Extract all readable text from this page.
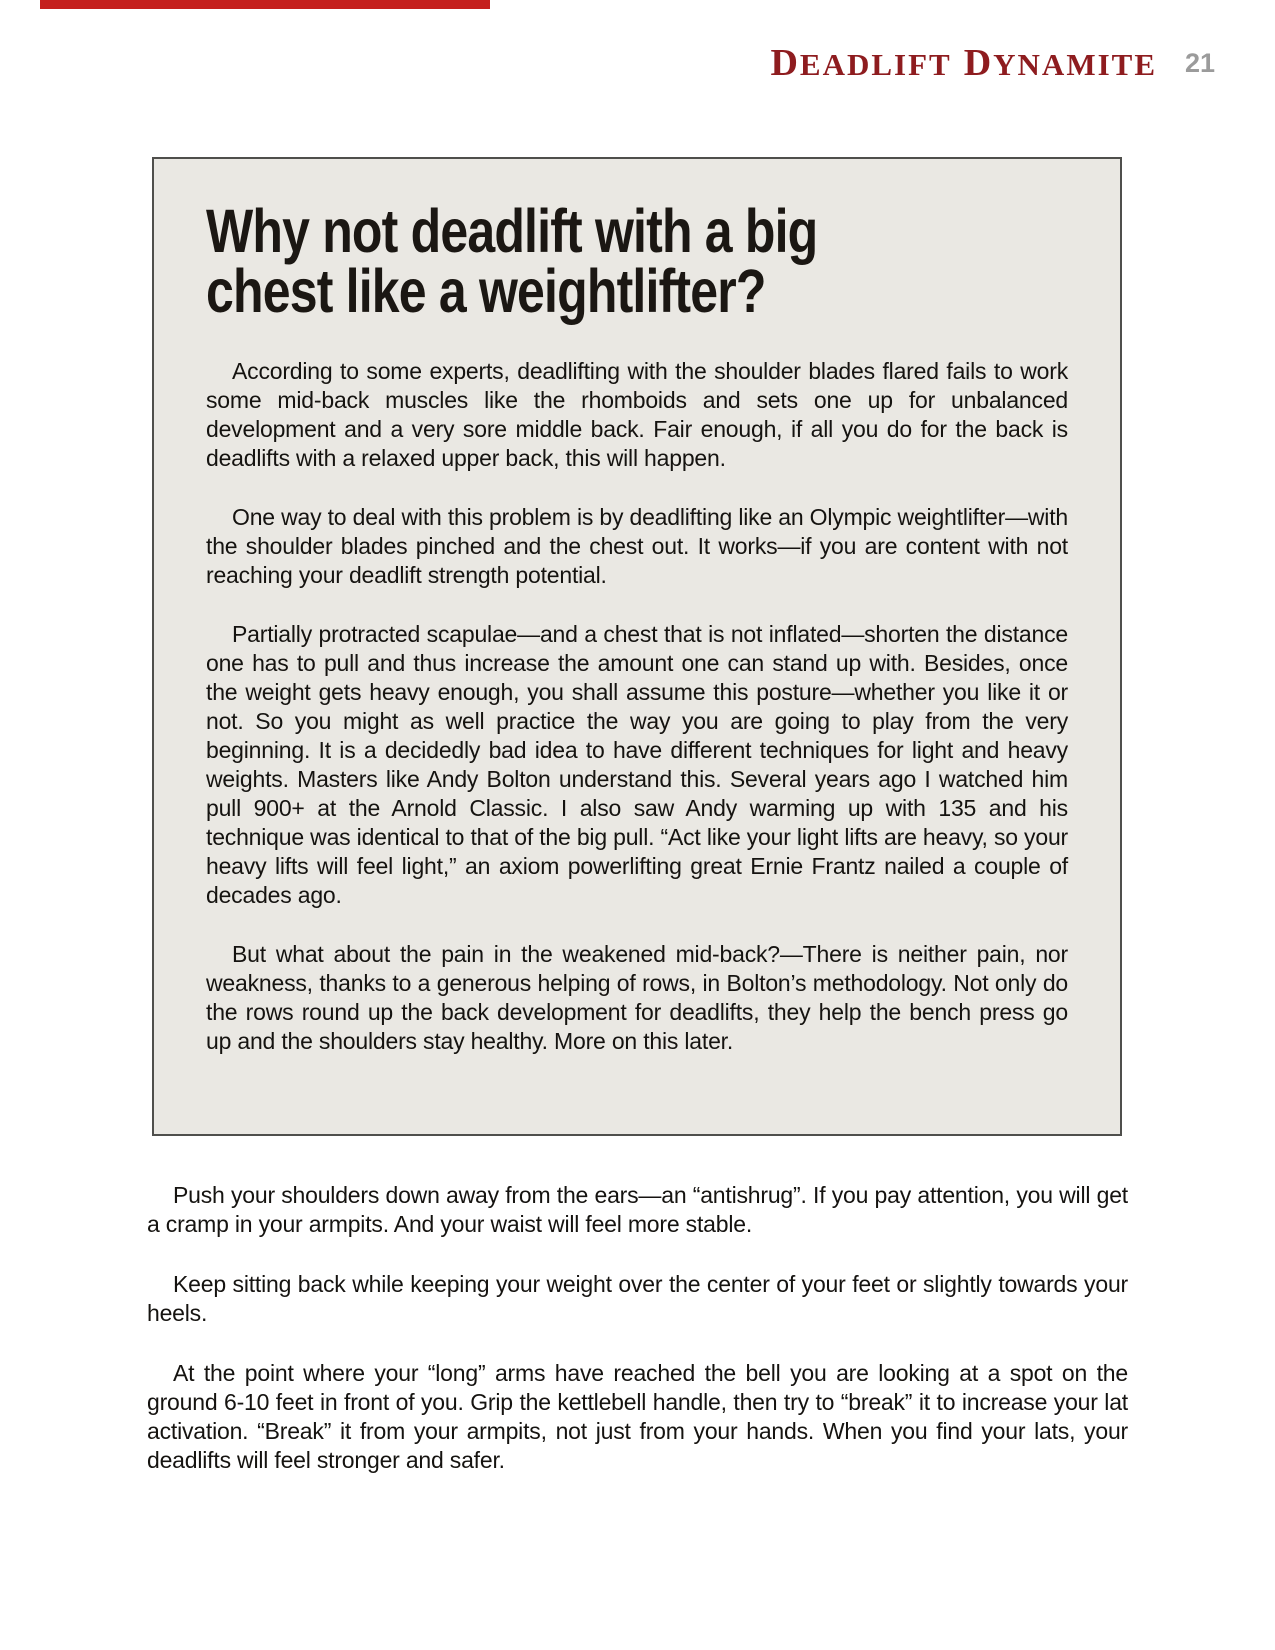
DEADLIFT DYNAMITE 21
Why not deadlift with a big
chest like a weightlifter?

According to some experts, deadlifting with the shoulder blades flared fails to work some mid-back muscles like the rhomboids and sets one up for unbalanced development and a very sore middle back. Fair enough, if all you do for the back is deadlifts with a relaxed upper back, this will happen.

One way to deal with this problem is by deadlifting like an Olympic weightlifter—with the shoulder blades pinched and the chest out. It works—if you are content with not reaching your deadlift strength potential.

Partially protracted scapulae—and a chest that is not inflated—shorten the distance one has to pull and thus increase the amount one can stand up with. Besides, once the weight gets heavy enough, you shall assume this posture—whether you like it or not. So you might as well practice the way you are going to play from the very beginning. It is a decidedly bad idea to have different techniques for light and heavy weights. Masters like Andy Bolton understand this. Several years ago I watched him pull 900+ at the Arnold Classic. I also saw Andy warming up with 135 and his technique was identical to that of the big pull. “Act like your light lifts are heavy, so your heavy lifts will feel light,” an axiom powerlifting great Ernie Frantz nailed a couple of decades ago.

But what about the pain in the weakened mid-back?—There is neither pain, nor weakness, thanks to a generous helping of rows, in Bolton’s methodology. Not only do the rows round up the back development for deadlifts, they help the bench press go up and the shoulders stay healthy. More on this later.

Push your shoulders down away from the ears—an “antishrug”. If you pay attention, you will get a cramp in your armpits. And your waist will feel more stable.

Keep sitting back while keeping your weight over the center of your feet or slightly towards your heels.

At the point where your “long” arms have reached the bell you are looking at a spot on the ground 6-10 feet in front of you. Grip the kettlebell handle, then try to “break” it to increase your lat activation. “Break” it from your armpits, not just from your hands. When you find your lats, your deadlifts will feel stronger and safer.
